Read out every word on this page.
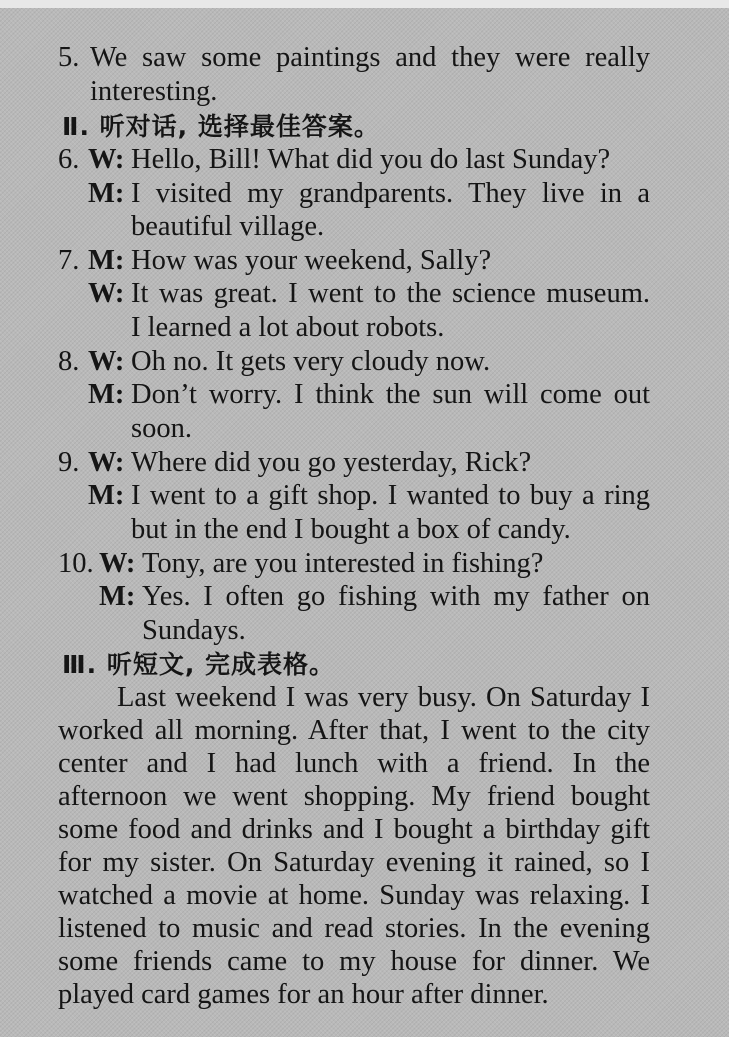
5. We saw some paintings and they were really
interesting.
Ⅱ. 听对话, 选择最佳答案。
6. W: Hello, Bill! What did you do last Sunday?
M: I visited my grandparents. They live in a
beautiful village.
7. M: How was your weekend, Sally?
W: It was great. I went to the science museum.
I learned a lot about robots.
8. W: Oh no. It gets very cloudy now.
M: Don’t worry. I think the sun will come out
soon.
9. W: Where did you go yesterday, Rick?
M: I went to a gift shop. I wanted to buy a ring
but in the end I bought a box of candy.
10. W: Tony, are you interested in fishing?
M: Yes. I often go fishing with my father on
Sundays.
Ⅲ. 听短文, 完成表格。
Last weekend I was very busy. On Saturday I
worked all morning. After that, I went to the city
center and I had lunch with a friend. In the
afternoon we went shopping. My friend bought
some food and drinks and I bought a birthday gift
for my sister. On Saturday evening it rained, so I
watched a movie at home. Sunday was relaxing. I
listened to music and read stories. In the evening
some friends came to my house for dinner. We
played card games for an hour after dinner.
